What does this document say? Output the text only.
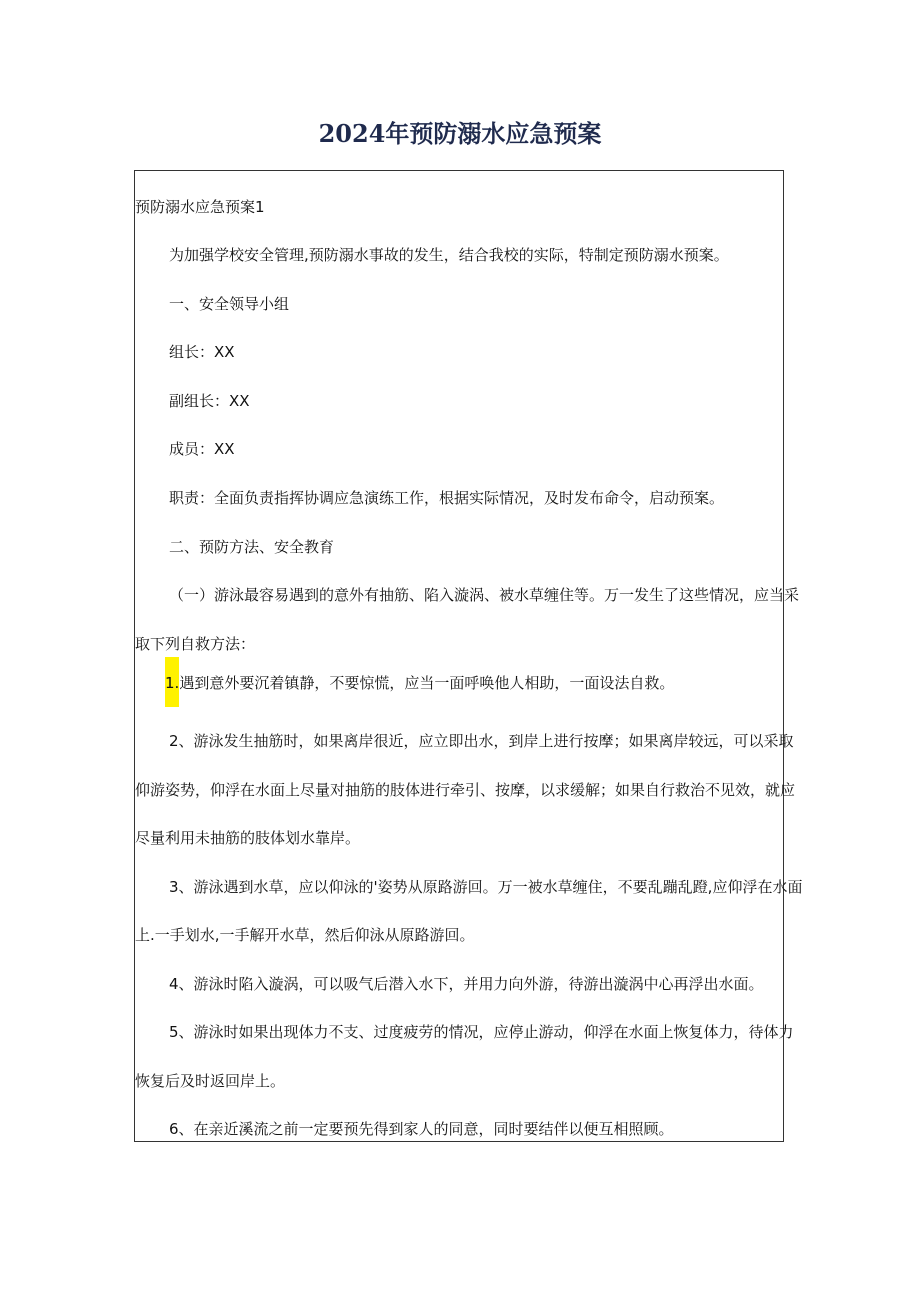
2024年预防溺水应急预案
预防溺水应急预案1
为加强学校安全管理,预防溺水事故的发生，结合我校的实际，特制定预防溺水预案。
一、安全领导小组
组长：XX
副组长：XX
成员：XX
职责：全面负责指挥协调应急演练工作，根据实际情况，及时发布命令，启动预案。
二、预防方法、安全教育
（一）游泳最容易遇到的意外有抽筋、陷入漩涡、被水草缠住等。万一发生了这些情况，应当采
取下列自救方法：
1.遇到意外要沉着镇静，不要惊慌，应当一面呼唤他人相助，一面设法自救。
2、游泳发生抽筋时，如果离岸很近，应立即出水，到岸上进行按摩；如果离岸较远，可以采取
仰游姿势，仰浮在水面上尽量对抽筋的肢体进行牵引、按摩，以求缓解；如果自行救治不见效，就应
尽量利用未抽筋的肢体划水靠岸。
3、游泳遇到水草，应以仰泳的'姿势从原路游回。万一被水草缠住，不要乱蹦乱蹬,应仰浮在水面
上.一手划水,一手解开水草，然后仰泳从原路游回。
4、游泳时陷入漩涡，可以吸气后潜入水下，并用力向外游，待游出漩涡中心再浮出水面。
5、游泳时如果出现体力不支、过度疲劳的情况，应停止游动，仰浮在水面上恢复体力，待体力
恢复后及时返回岸上。
6、在亲近溪流之前一定要预先得到家人的同意，同时要结伴以便互相照顾。
